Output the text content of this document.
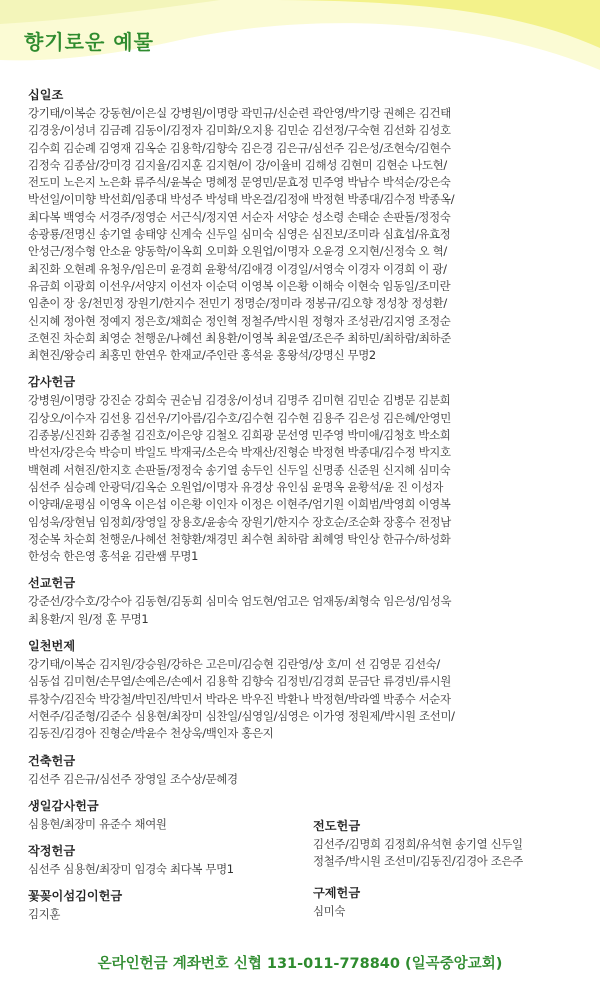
향기로운 예물
십일조
강기태/이복순 강동현/이은실 강병원/이명랑 곽민규/신순련 곽안영/박기랑 권혜은 김건태
김경웅/이성녀 김금례 김동이/김정자 김미화/오지용 김민순 김선정/구숙현 김선화 김성호
김수희 김순례 김영재 김옥순 김용학/김향숙 김은경 김은규/심선주 김은성/조현숙/김현수
김정숙 김종삼/강미경 김지율/김지훈 김지현/이 강/이율비 김해성 김현미 김현순 나도현/
전도미 노은지 노은화 류주식/윤복순 명혜정 문영민/문효정 민주영 박남수 박석순/강은숙
박선일/이미향 박선희/임종대 박성주 박성태 박온걸/김정애 박정현 박종대/김수정 박종옥/
최다복 백영숙 서경주/정영순 서근식/정지연 서순자 서양순 성소령 손태순 손판돌/정정숙
송광룡/전명신 송기열 송태양 신계숙 신두일 심미숙 심영은 심진보/조미라 심효섭/유효정
안성근/정수형 안소윤 양동학/이옥희 오미화 오원업/이명자 오윤경 오지현/신정숙 오 혁/
최진화 오현례 유청우/임은미 윤경희 윤황석/김애경 이경일/서영숙 이경자 이경희 이 광/
유금희 이광희 이선우/서양지 이선자 이순덕 이영복 이은황 이해숙 이현숙 임동일/조미란
임춘이 장 웅/천민정 장원기/한지수 전민기 정명순/정미라 정봉규/김오향 정성창 정성환/
신지혜 정아현 정예지 정은호/채희순 정인혁 정철주/박시원 정형자 조성관/김지영 조정순
조현진 차순희 최영순 천행운/나혜선 최용환/이영복 최윤열/조은주 최하민/최하람/최하준
최현진/왕승리 최홍민 한연우 한재교/주인란 홍석윤 홍왕석/강명신 무명2
감사헌금
강병원/이명랑 강진순 강희숙 권순님 김경웅/이성녀 김명주 김미현 김민순 김병문 김분희
김상오/이수자 김선용 김선우/기아름/김수호/김수현 김수현 김용주 김은성 김은혜/안영민
김종봉/신진화 김종철 김진호/이은양 김철오 김희광 문선영 민주영 박미애/김청호 박소희
박선자/강은숙 박승미 박일도 박재국/소은숙 박재산/진형순 박정현 박종대/김수정 박지호
백현례 서현진/한지호 손판돌/정정숙 송기열 송두인 신두일 신명종 신준원 신지혜 심미숙
심선주 심승례 안광덕/김옥순 오원업/이명자 유경상 유인심 윤명옥 윤황석/윤 진 이성자
이양래/윤평심 이영옥 이은섭 이은황 이인자 이정은 이현주/엄기원 이희범/박영희 이영복
임성욱/장현님 임정희/장영일 장용호/윤송숙 장원기/한지수 장호순/조순화 장홍수 전정남
정순복 차순희 천행운/나혜선 천향환/채경민 최수현 최하람 최혜영 탁인상 한규수/하성화
한성숙 한은영 홍석윤 김란쌤 무명1
선교헌금
강준선/강수호/강수아 김동현/김동희 심미숙 엄도현/엄고은 엄재동/최형숙 임은성/임성욱
최용환/지 원/정 훈 무명1
일천번제
강기태/이복순 김지원/강승원/강하은 고은미/김승현 김란영/상 호/미 선 김영문 김선숙/
심동섭 김미현/손무열/손예은/손예서 김용학 김향숙 김정빈/김경희 문금단 류경빈/류시원
류창수/김진숙 박강철/박민진/박민서 박라온 박우진 박환나 박정현/박라엘 박종수 서순자
서현주/김준형/김준수 심용현/최장미 심찬일/심영일/심영은 이가영 정원제/박시원 조선미/
김동진/김경아 진형순/박윤수 천상욱/백인자 홍은지
건축헌금
김선주 김은규/심선주 장영일 조수상/문혜경
생일감사헌금
심용현/최장미 유준수 채여원
작정헌금
심선주 심용현/최장미 임경숙 최다복 무명1
꽃꽂이섬김이헌금
김지훈
전도헌금
김선주/김명희 김정희/유석현 송기열 신두일
정철주/박시원 조선미/김동진/김경아 조은주
구제헌금
심미숙
온라인헌금 계좌번호 신협 131-011-778840 (일곡중앙교회)
